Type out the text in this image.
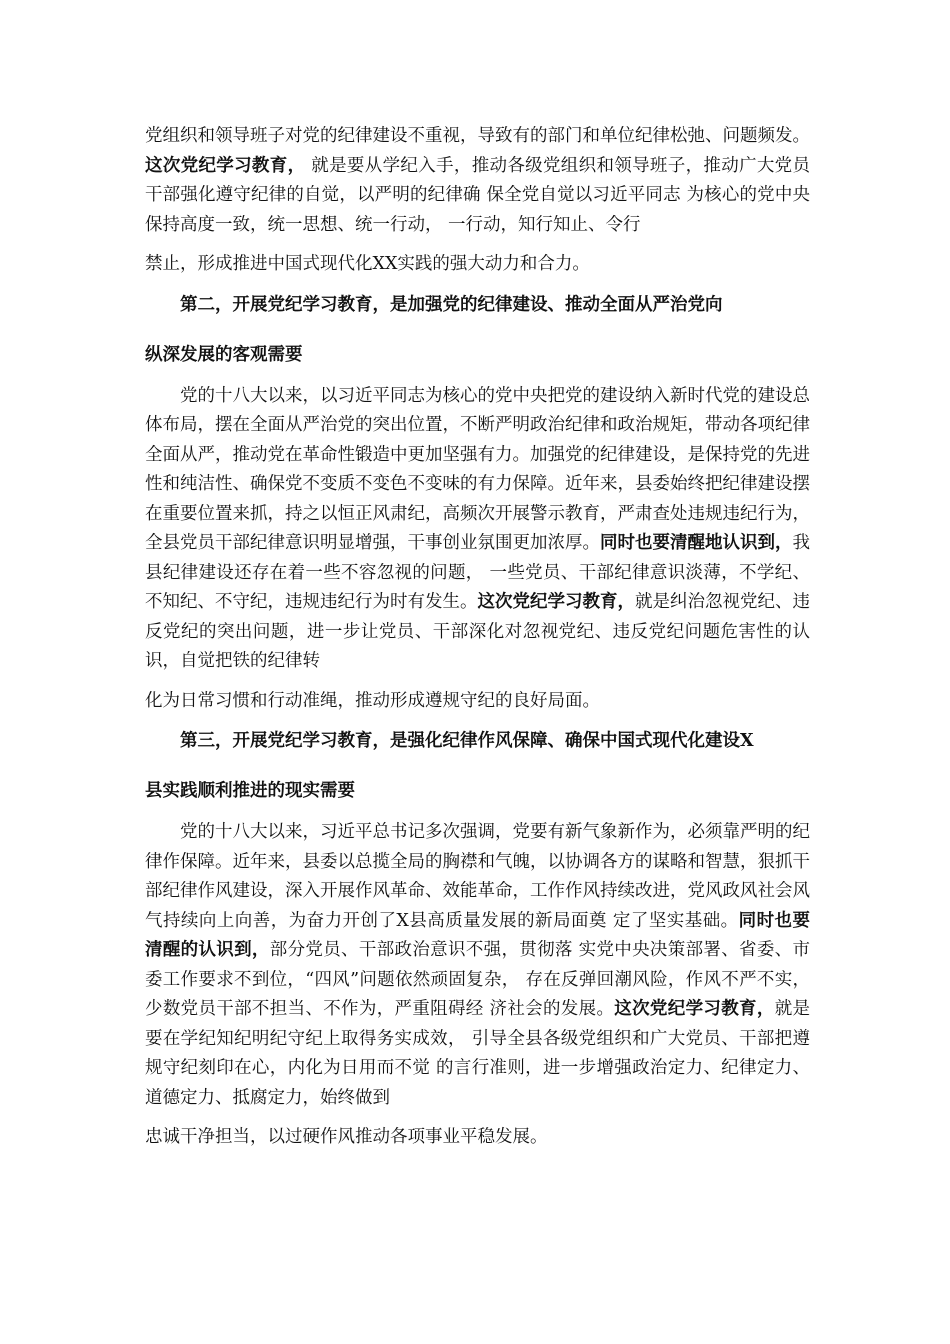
党组织和领导班子对党的纪律建设不重视，导致有的部门和单位纪律松弛、问题频发。这次党纪学习教育， 就是要从学纪入手，推动各级党组织和领导班子，推动广大党员干部强化遵守纪律的自觉，以严明的纪律确 保全党自觉以习近平同志 为核心的党中央保持高度一致，统一思想、统一行动， 一行动，知行知止、令行

禁止，形成推进中国式现代化XX实践的强大动力和合力。

第二，开展党纪学习教育，是加强党的纪律建设、推动全面从严治党向
纵深发展的客观需要

党的十八大以来，以习近平同志为核心的党中央把党的建设纳入新时代党的建设总体布局，摆在全面从严治党的突出位置，不断严明政治纪律和政治规矩，带动各项纪律全面从严，推动党在革命性锻造中更加坚强有力。加强党的纪律建设，是保持党的先进性和纯洁性、确保党不变质不变色不变味的有力保障。近年来，县委始终把纪律建设摆在重要位置来抓，持之以恒正风肃纪，高频次开展警示教育，严肃查处违规违纪行为，全县党员干部纪律意识明显增强，干事创业氛围更加浓厚。同时也要清醒地认识到，我县纪律建设还存在着一些不容忽视的问题， 一些党员、干部纪律意识淡薄，不学纪、不知纪、不守纪，违规违纪行为时有发生。这次党纪学习教育，就是纠治忽视党纪、违反党纪的突出问题，进一步让党员、干部深化对忽视党纪、违反党纪问题危害性的认识，自觉把铁的纪律转

化为日常习惯和行动准绳，推动形成遵规守纪的良好局面。

第三，开展党纪学习教育，是强化纪律作风保障、确保中国式现代化建设X
县实践顺利推进的现实需要

党的十八大以来，习近平总书记多次强调，党要有新气象新作为，必须靠严明的纪律作保障。近年来，县委以总揽全局的胸襟和气魄，以协调各方的谋略和智慧，狠抓干部纪律作风建设，深入开展作风革命、效能革命，工作作风持续改进，党风政风社会风气持续向上向善，为奋力开创了X县高质量发展的新局面奠 定了坚实基础。同时也要清醒的认识到，部分党员、干部政治意识不强，贯彻落 实党中央决策部署、省委、市委工作要求不到位，“四风”问题依然顽固复杂， 存在反弹回潮风险，作风不严不实，少数党员干部不担当、不作为，严重阻碍经 济社会的发展。这次党纪学习教育，就是要在学纪知纪明纪守纪上取得务实成效， 引导全县各级党组织和广大党员、干部把遵规守纪刻印在心，内化为日用而不觉 的言行准则，进一步增强政治定力、纪律定力、道德定力、抵腐定力，始终做到

忠诚干净担当，以过硬作风推动各项事业平稳发展。
